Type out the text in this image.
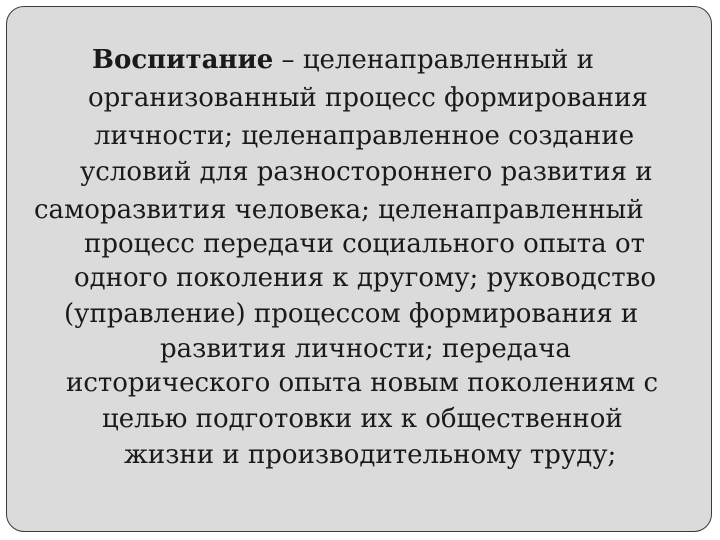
Воспитание – целенаправленный и
организованный процесс формирования
личности; целенаправленное создание
условий для разностороннего развития и
саморазвития человека; целенаправленный
процесс передачи социального опыта от
одного поколения к другому; руководство
(управление) процессом формирования и
развития личности; передача
исторического опыта новым поколениям с
целью подготовки их к общественной
жизни и производительному труду;
